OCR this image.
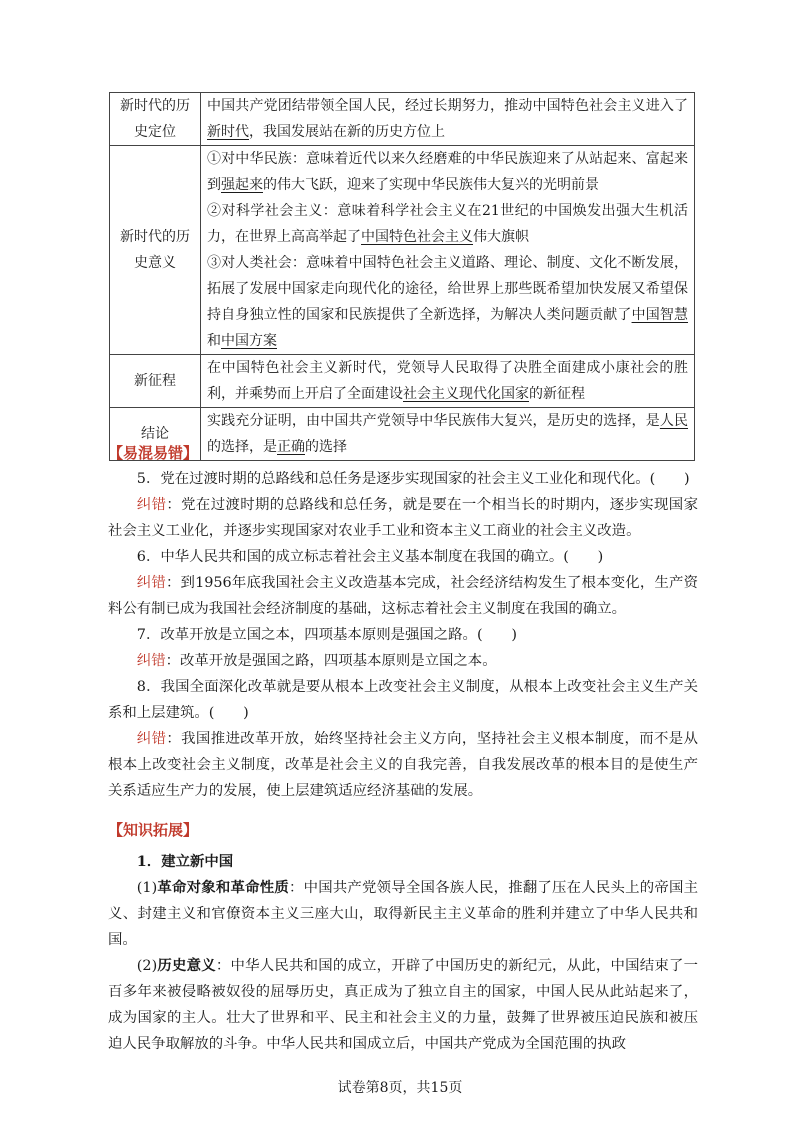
新时代的历史定位	中国共产党团结带领全国人民，经过长期努力，推动中国特色社会主义进入了新时代，我国发展站在新的历史方位上
新时代的历史意义	①对中华民族：意味着近代以来久经磨难的中华民族迎来了从站起来、富起来到强起来的伟大飞跃，迎来了实现中华民族伟大复兴的光明前景
②对科学社会主义：意味着科学社会主义在21世纪的中国焕发出强大生机活力，在世界上高高举起了中国特色社会主义伟大旗帜
③对人类社会：意味着中国特色社会主义道路、理论、制度、文化不断发展，拓展了发展中国家走向现代化的途径，给世界上那些既希望加快发展又希望保持自身独立性的国家和民族提供了全新选择，为解决人类问题贡献了中国智慧和中国方案

新征程	在中国特色社会主义新时代，党领导人民取得了决胜全面建成小康社会的胜利，并乘势而上开启了全面建设社会主义现代化国家的新征程
结论	实践充分证明，由中国共产党领导中华民族伟大复兴，是历史的选择，是人民的选择，是正确的选择

【易混易错】

5．党在过渡时期的总路线和总任务是逐步实现国家的社会主义工业化和现代化。(　　)

纠错：党在过渡时期的总路线和总任务，就是要在一个相当长的时期内，逐步实现国家社会主义工业化，并逐步实现国家对农业手工业和资本主义工商业的社会主义改造。

6．中华人民共和国的成立标志着社会主义基本制度在我国的确立。(　　)

纠错：到1956年底我国社会主义改造基本完成，社会经济结构发生了根本变化，生产资料公有制已成为我国社会经济制度的基础，这标志着社会主义制度在我国的确立。

7．改革开放是立国之本，四项基本原则是强国之路。(　　)

纠错：改革开放是强国之路，四项基本原则是立国之本。

8．我国全面深化改革就是要从根本上改变社会主义制度，从根本上改变社会主义生产关系和上层建筑。(　　)

纠错：我国推进改革开放，始终坚持社会主义方向，坚持社会主义根本制度，而不是从根本上改变社会主义制度，改革是社会主义的自我完善，自我发展改革的根本目的是使生产关系适应生产力的发展，使上层建筑适应经济基础的发展。

【知识拓展】

1．建立新中国

(1)革命对象和革命性质：中国共产党领导全国各族人民，推翻了压在人民头上的帝国主义、封建主义和官僚资本主义三座大山，取得新民主主义革命的胜利并建立了中华人民共和国。

(2)历史意义：中华人民共和国的成立，开辟了中国历史的新纪元，从此，中国结束了一百多年来被侵略被奴役的屈辱历史，真正成为了独立自主的国家，中国人民从此站起来了，成为国家的主人。壮大了世界和平、民主和社会主义的力量，鼓舞了世界被压迫民族和被压迫人民争取解放的斗争。中华人民共和国成立后，中国共产党成为全国范围的执政

试卷第8页，共15页
